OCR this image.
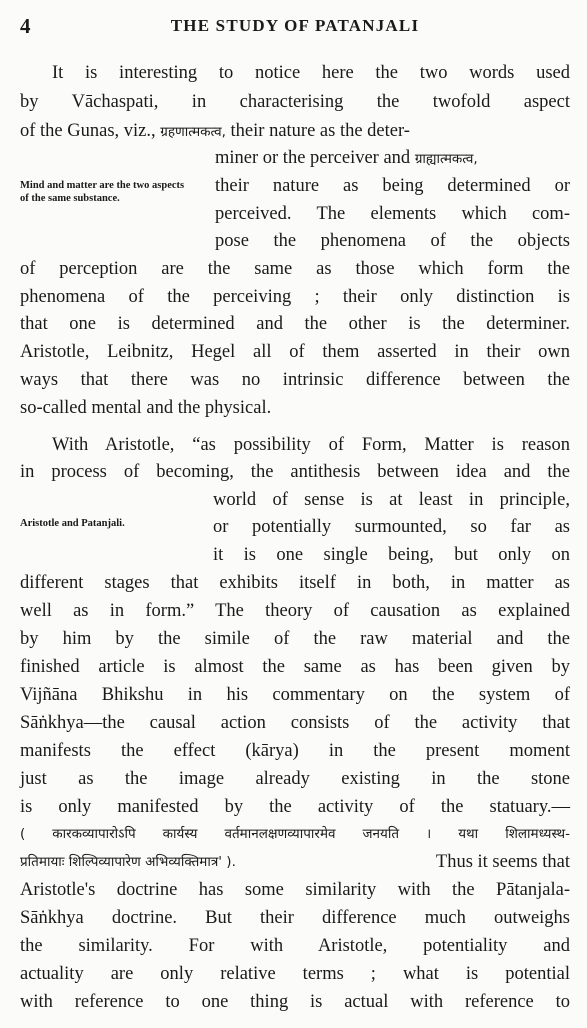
4	THE STUDY OF PATANJALI
Mind and matter are the two aspects of the same substance.
Aristotle and Patanjali.
It is interesting to notice here the two words used
by Vāchaspati, in characterising the twofold aspect
of the Gunas, viz., ग्रहणात्मकत्व, their nature as the deter-
miner or the perceiver and ग्राह्यात्मकत्व,
their nature as being determined or
perceived. The elements which com-
pose the phenomena of the objects
of perception are the same as those which form the
phenomena of the perceiving ; their only distinction is
that one is determined and the other is the determiner.
Aristotle, Leibnitz, Hegel all of them asserted in their own
ways that there was no intrinsic difference between the
so-called mental and the physical.
With Aristotle, “as possibility of Form, Matter is reason
in process of becoming, the antithesis between idea and the
world of sense is at least in principle,
or potentially surmounted, so far as
it is one single being, but only on
different stages that exhibits itself in both, in matter as
well as in form.” The theory of causation as explained
by him by the simile of the raw material and the
finished article is almost the same as has been given by
Vijñāna Bhikshu in his commentary on the system of
Sāṅkhya—the causal action consists of the activity that
manifests the effect (kārya) in the present moment
just as the image already existing in the stone
is only manifested by the activity of the statuary.—
( कारकव्यापारोऽपि कार्यस्य वर्तमानलक्षणव्यापारमेव जनयति । यथा शिलामध्यस्थ-
प्रतिमायाः शिल्पिव्यापारेण अभिव्यक्तिमात्र' ).	Thus it seems that
Aristotle's doctrine has some similarity with the Pātanjala-
Sāṅkhya doctrine. But their difference much outweighs
the similarity. For with Aristotle, potentiality and
actuality are only relative terms ; what is potential
with reference to one thing is actual with reference to
